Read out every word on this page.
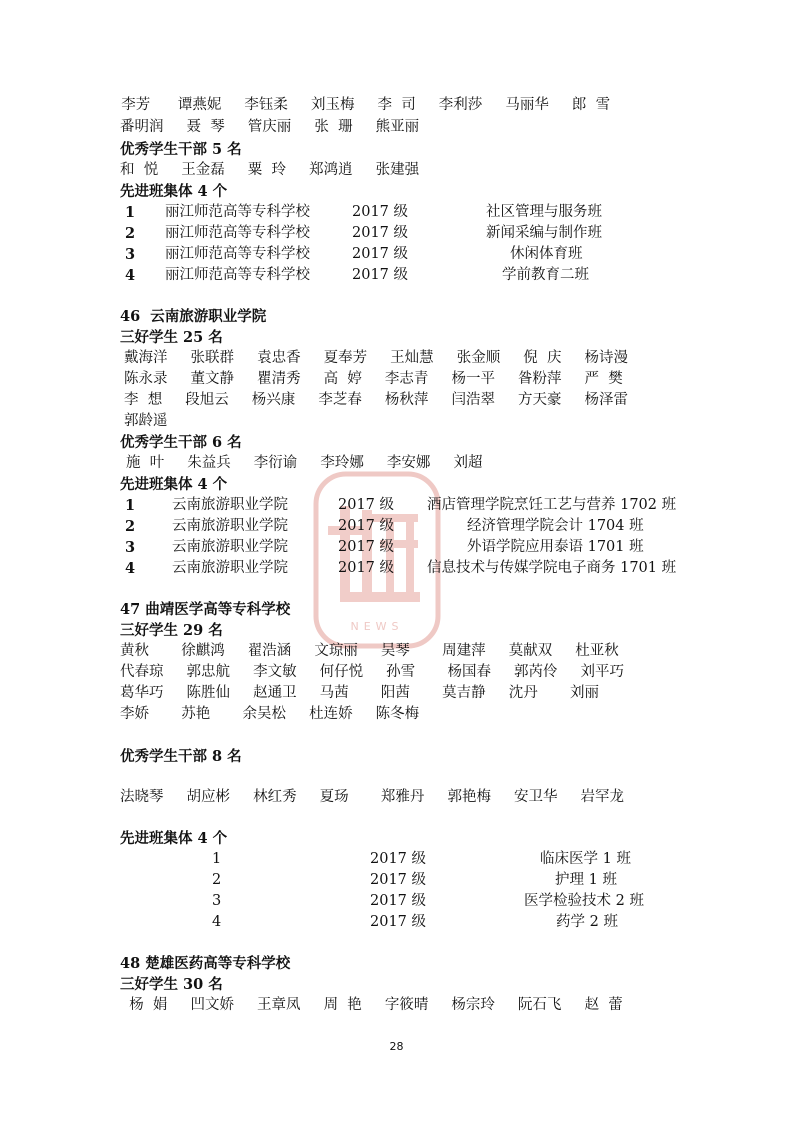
NEWS
李芳      谭燕妮     李钰柔     刘玉梅     李  司     李利莎     马丽华     郎  雪
番明润     聂  琴     管庆丽     张  珊     熊亚丽
优秀学生干部 5 名
和  悦     王金磊     粟  玲     郑鸿逍     张建强
先进班集体 4 个
1 丽江师范高等专科学校	2017 级	社区管理与服务班
2 丽江师范高等专科学校	2017 级	新闻采编与制作班
3 丽江师范高等专科学校	2017 级	休闲体育班
4 丽江师范高等专科学校	2017 级	学前教育二班
46  云南旅游职业学院
三好学生 25 名
戴海洋     张联群     袁忠香     夏奉芳     王灿慧     张金顺     倪  庆     杨诗漫
陈永录     董文静     瞿清秀     高  婷     李志青     杨一平     昝粉萍     严  樊
李  想     段旭云     杨兴康     李芝春     杨秋萍     闫浩翠     方天豪     杨泽雷
郭龄遥
优秀学生干部 6 名
施  叶     朱益兵     李衍谕     李玲娜     李安娜     刘超
先进班集体 4 个
1	云南旅游职业学院	2017 级 酒店管理学院烹饪工艺与营养 1702 班
2	云南旅游职业学院	2017 级	经济管理学院会计 1704 班
3	云南旅游职业学院	2017 级	外语学院应用泰语 1701 班
4	云南旅游职业学院	2017 级 信息技术与传媒学院电子商务 1701 班
47 曲靖医学高等专科学校
三好学生 29 名
黄秋       徐麒鸿     翟浩涵     文琼丽     吴琴       周建萍     莫献双     杜亚秋
代春琼     郭忠航     李文敏     何仔悦     孙雪       杨国春     郭芮伶     刘平巧
葛华巧     陈胜仙     赵通卫     马茜       阳茜       莫吉静     沈丹       刘丽
李娇       苏艳       余吴松     杜连娇     陈冬梅
优秀学生干部 8 名
法晓琴     胡应彬     林红秀     夏玚       郑雅丹     郭艳梅     安卫华     岩罕龙
先进班集体 4 个
1	2017 级	临床医学 1 班
2	2017 级	护理 1 班
3	2017 级	医学检验技术 2 班
4	2017 级	药学 2 班
48 楚雄医药高等专科学校
三好学生 30 名
杨  娟     凹文娇     王章凤     周  艳     字筱晴     杨宗玲     阮石飞     赵  蕾
28
